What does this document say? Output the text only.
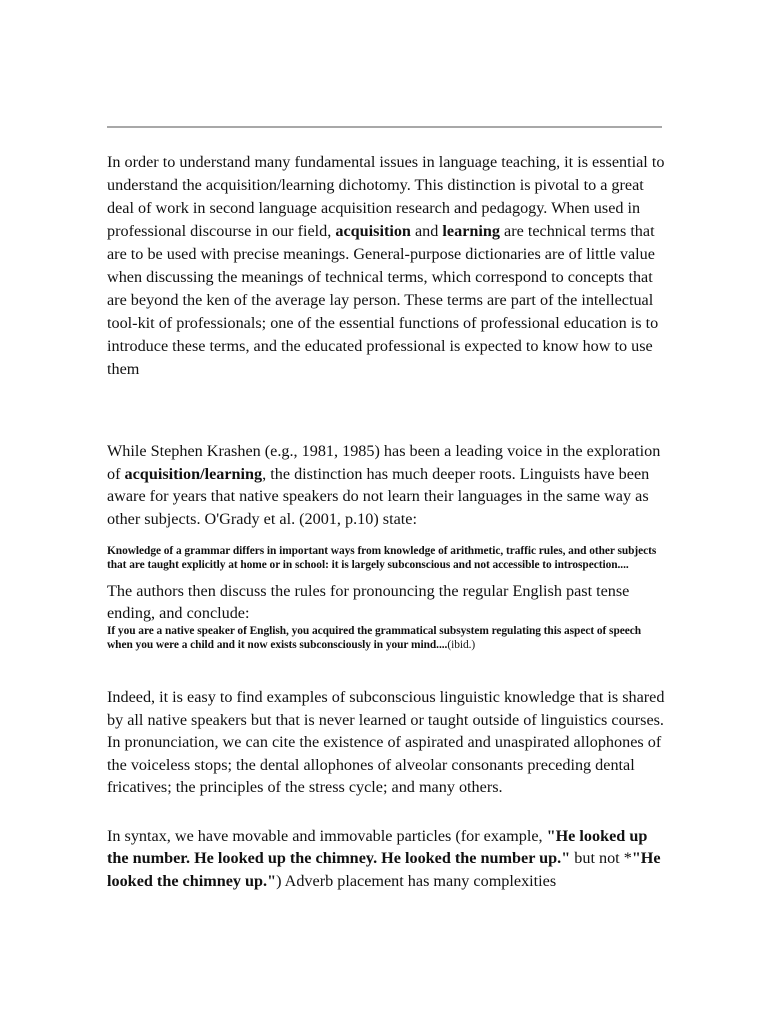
In order to understand many fundamental issues in language teaching, it is essential to understand the acquisition/learning dichotomy. This distinction is pivotal to a great deal of work in second language acquisition research and pedagogy. When used in professional discourse in our field, acquisition and learning are technical terms that are to be used with precise meanings. General-purpose dictionaries are of little value when discussing the meanings of technical terms, which correspond to concepts that are beyond the ken of the average lay person. These terms are part of the intellectual tool-kit of professionals; one of the essential functions of professional education is to introduce these terms, and the educated professional is expected to know how to use them

While Stephen Krashen (e.g., 1981, 1985) has been a leading voice in the exploration of acquisition/learning, the distinction has much deeper roots. Linguists have been aware for years that native speakers do not learn their languages in the same way as other subjects. O'Grady et al. (2001, p.10) state:

Knowledge of a grammar differs in important ways from knowledge of arithmetic, traffic rules, and other subjects that are taught explicitly at home or in school: it is largely subconscious and not accessible to introspection....

The authors then discuss the rules for pronouncing the regular English past tense ending, and conclude:

If you are a native speaker of English, you acquired the grammatical subsystem regulating this aspect of speech when you were a child and it now exists subconsciously in your mind....(ibid.)

Indeed, it is easy to find examples of subconscious linguistic knowledge that is shared by all native speakers but that is never learned or taught outside of linguistics courses. In pronunciation, we can cite the existence of aspirated and unaspirated allophones of the voiceless stops; the dental allophones of alveolar consonants preceding dental fricatives; the principles of the stress cycle; and many others.

In syntax, we have movable and immovable particles (for example, "He looked up the number. He looked up the chimney. He looked the number up." but not *"He looked the chimney up.") Adverb placement has many complexities
